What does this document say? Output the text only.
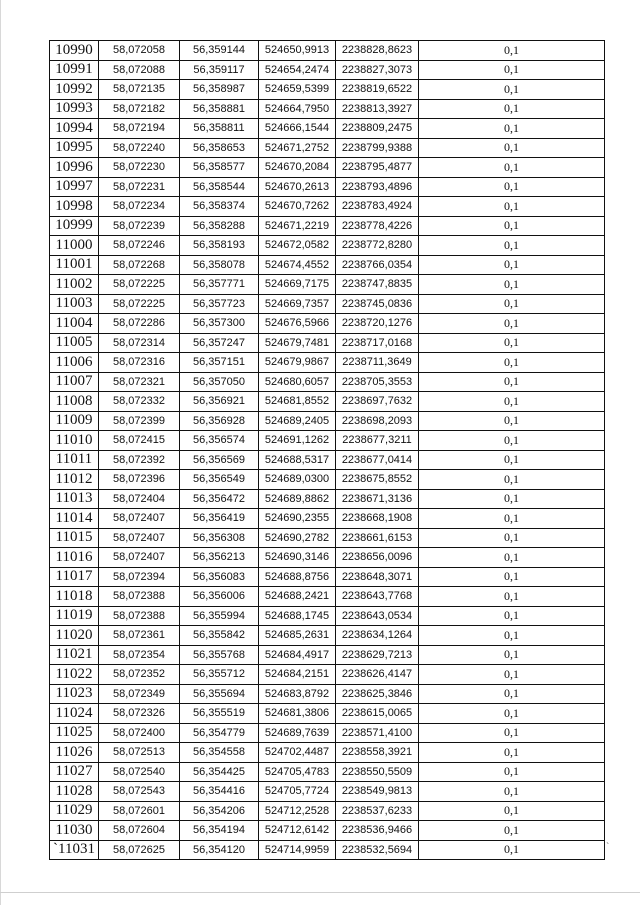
10990	58,072058	56,359144	524650,9913	2238828,8623	0,1
10991	58,072088	56,359117	524654,2474	2238827,3073	0,1
10992	58,072135	56,358987	524659,5399	2238819,6522	0,1
10993	58,072182	56,358881	524664,7950	2238813,3927	0,1
10994	58,072194	56,358811	524666,1544	2238809,2475	0,1
10995	58,072240	56,358653	524671,2752	2238799,9388	0,1
10996	58,072230	56,358577	524670,2084	2238795,4877	0,1
10997	58,072231	56,358544	524670,2613	2238793,4896	0,1
10998	58,072234	56,358374	524670,7262	2238783,4924	0,1
10999	58,072239	56,358288	524671,2219	2238778,4226	0,1
11000	58,072246	56,358193	524672,0582	2238772,8280	0,1
11001	58,072268	56,358078	524674,4552	2238766,0354	0,1
11002	58,072225	56,357771	524669,7175	2238747,8835	0,1
11003	58,072225	56,357723	524669,7357	2238745,0836	0,1
11004	58,072286	56,357300	524676,5966	2238720,1276	0,1
11005	58,072314	56,357247	524679,7481	2238717,0168	0,1
11006	58,072316	56,357151	524679,9867	2238711,3649	0,1
11007	58,072321	56,357050	524680,6057	2238705,3553	0,1
11008	58,072332	56,356921	524681,8552	2238697,7632	0,1
11009	58,072399	56,356928	524689,2405	2238698,2093	0,1
11010	58,072415	56,356574	524691,1262	2238677,3211	0,1
11011	58,072392	56,356569	524688,5317	2238677,0414	0,1
11012	58,072396	56,356549	524689,0300	2238675,8552	0,1
11013	58,072404	56,356472	524689,8862	2238671,3136	0,1
11014	58,072407	56,356419	524690,2355	2238668,1908	0,1
11015	58,072407	56,356308	524690,2782	2238661,6153	0,1
11016	58,072407	56,356213	524690,3146	2238656,0096	0,1
11017	58,072394	56,356083	524688,8756	2238648,3071	0,1
11018	58,072388	56,356006	524688,2421	2238643,7768	0,1
11019	58,072388	56,355994	524688,1745	2238643,0534	0,1
11020	58,072361	56,355842	524685,2631	2238634,1264	0,1
11021	58,072354	56,355768	524684,4917	2238629,7213	0,1
11022	58,072352	56,355712	524684,2151	2238626,4147	0,1
11023	58,072349	56,355694	524683,8792	2238625,3846	0,1
11024	58,072326	56,355519	524681,3806	2238615,0065	0,1
11025	58,072400	56,354779	524689,7639	2238571,4100	0,1
11026	58,072513	56,354558	524702,4487	2238558,3921	0,1
11027	58,072540	56,354425	524705,4783	2238550,5509	0,1
11028	58,072543	56,354416	524705,7724	2238549,9813	0,1
11029	58,072601	56,354206	524712,2528	2238537,6233	0,1
11030	58,072604	56,354194	524712,6142	2238536,9466	0,1
`11031	58,072625	56,354120	524714,9959	2238532,5694	0,1	`
